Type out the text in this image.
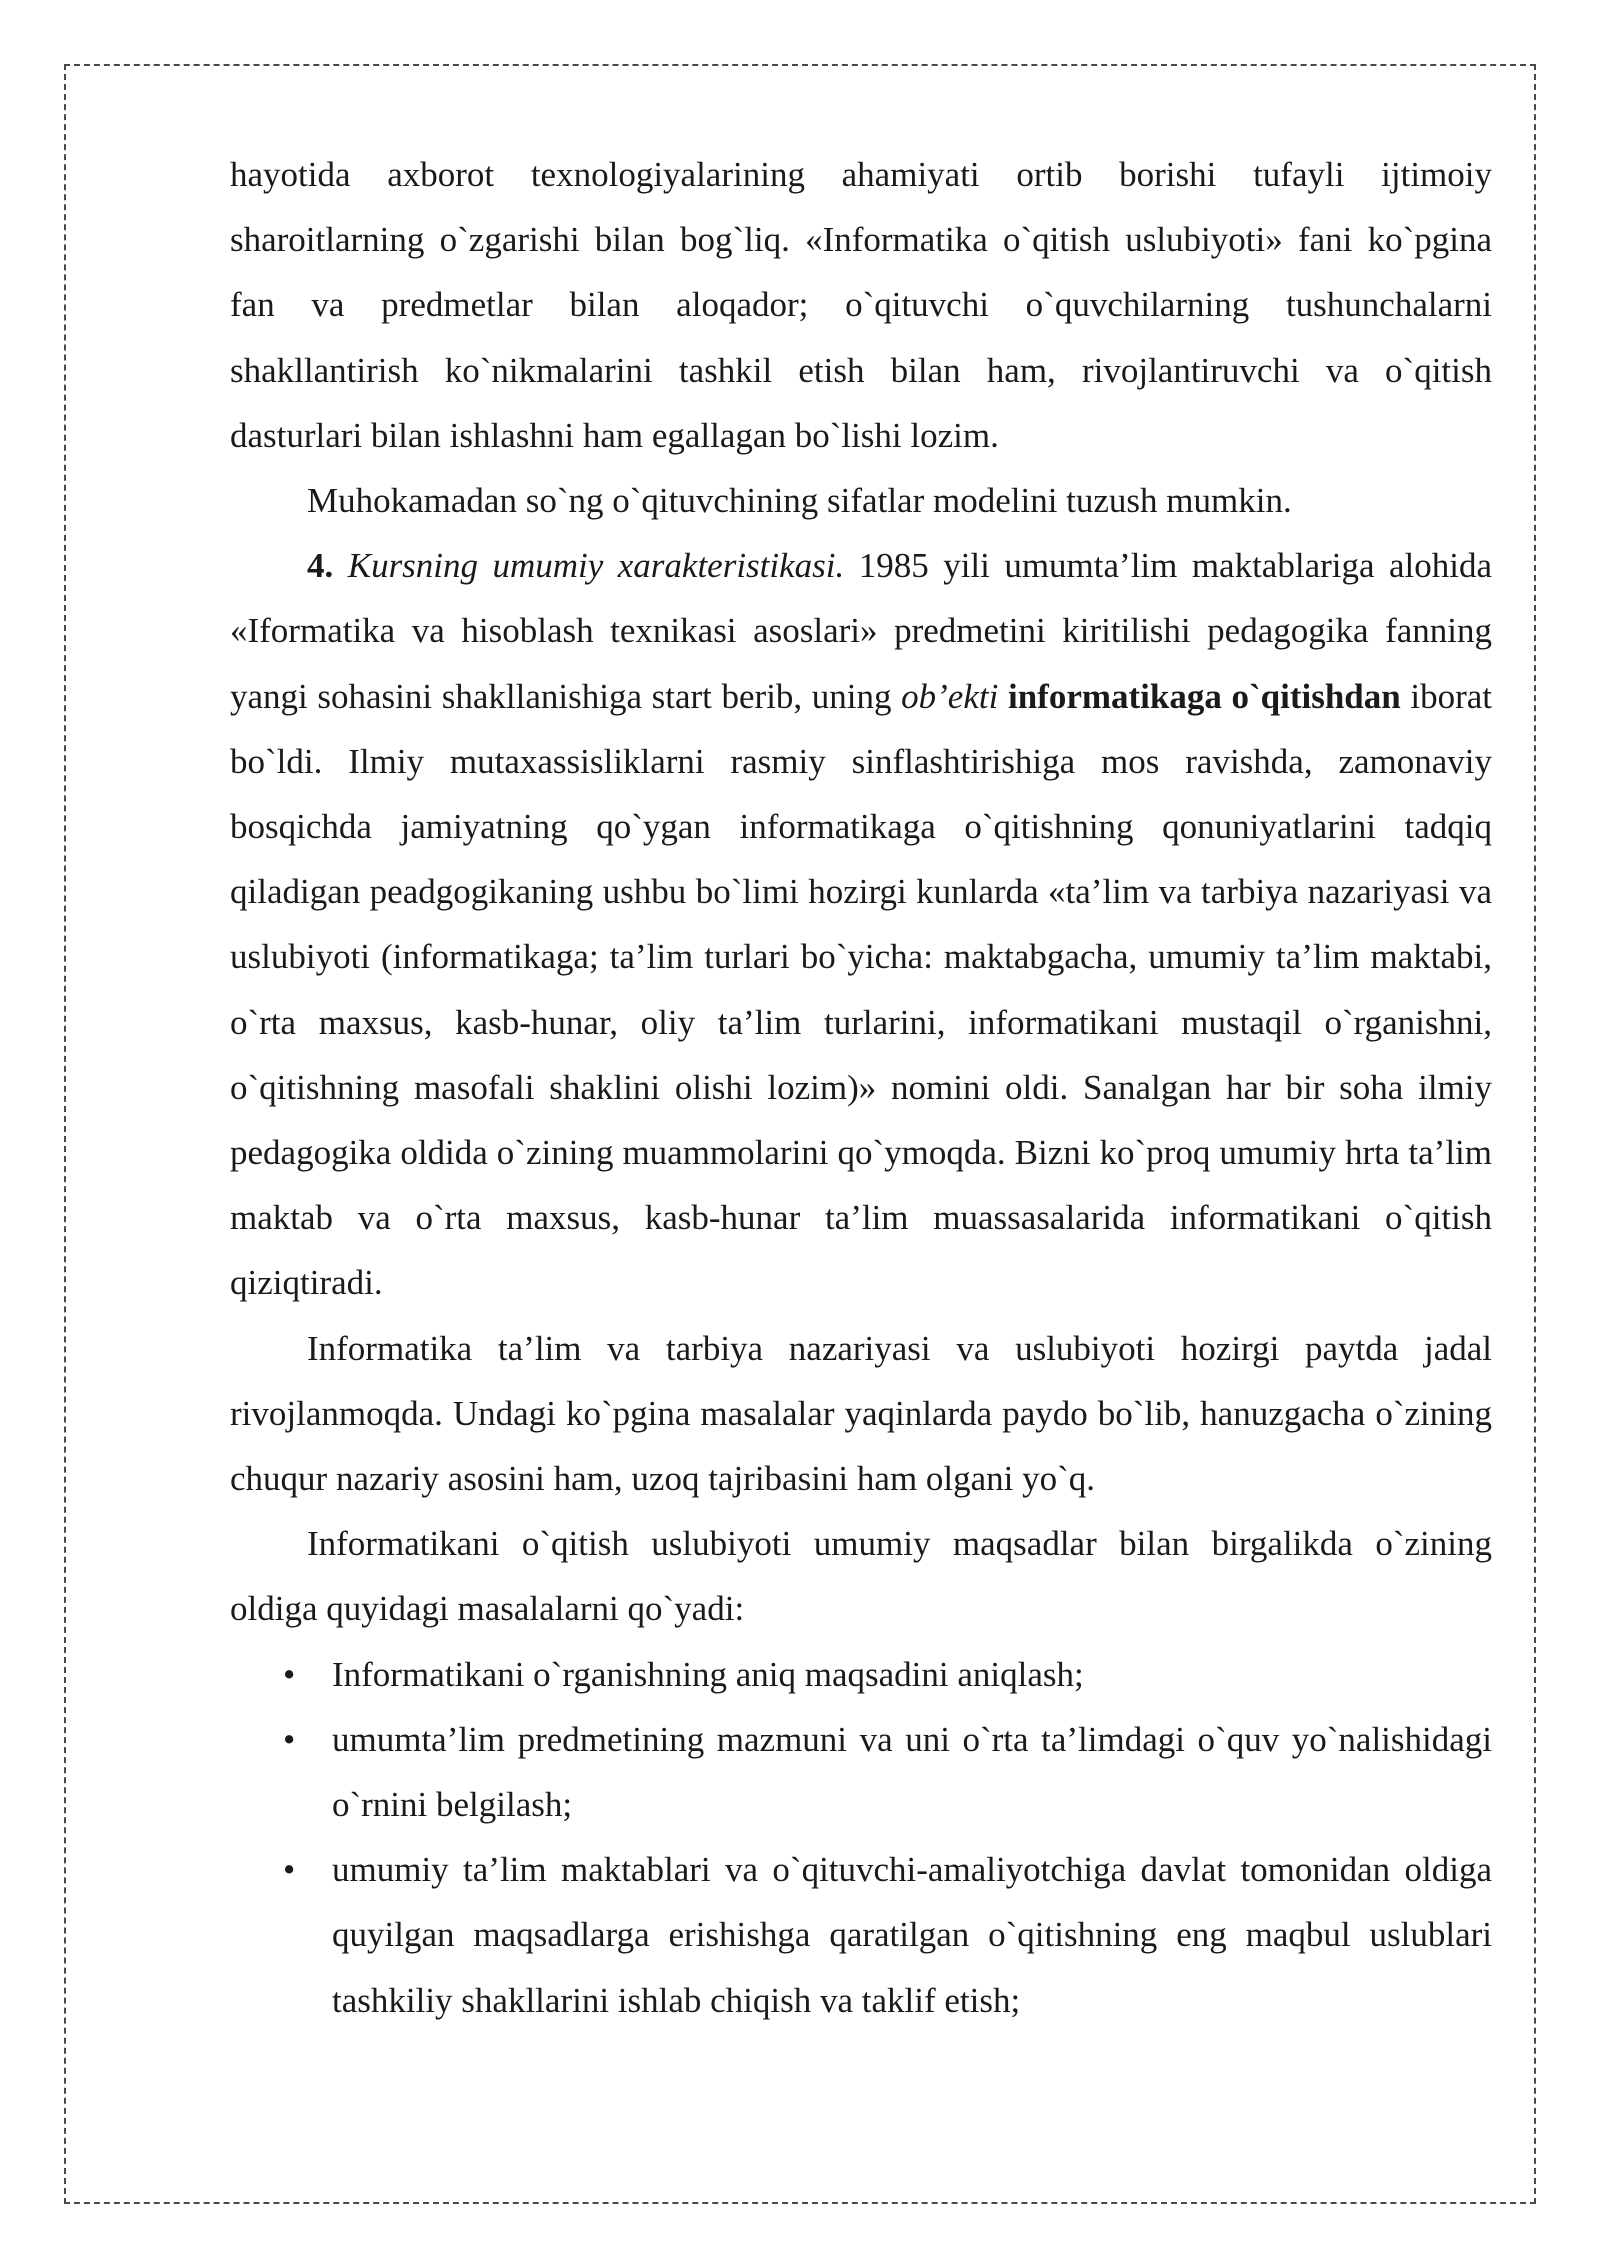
hayotida axborot texnologiyalarining ahamiyati ortib borishi tufayli ijtimoiy sharoitlarning o`zgarishi bilan bog`liq. «Informatika o`qitish uslubiyoti» fani ko`pgina fan va predmetlar bilan aloqador; o`qituvchi o`quvchilarning tushunchalarni shakllantirish ko`nikmalarini tashkil etish bilan ham, rivojlantiruvchi va o`qitish dasturlari bilan ishlashni ham egallagan bo`lishi lozim.

Muhokamadan so`ng o`qituvchining sifatlar modelini tuzush mumkin.

4. Kursning umumiy xarakteristikasi. 1985 yili umumta’lim maktablariga alohida «Iformatika va hisoblash texnikasi asoslari» predmetini kiritilishi pedagogika fanning yangi sohasini shakllanishiga start berib, uning ob’ekti informatikaga o`qitishdan iborat bo`ldi. Ilmiy mutaxassisliklarni rasmiy sinflashtirishiga mos ravishda, zamonaviy bosqichda jamiyatning qo`ygan informatikaga o`qitishning qonuniyatlarini tadqiq qiladigan peadgogikaning ushbu bo`limi hozirgi kunlarda «ta’lim va tarbiya nazariyasi va uslubiyoti (informatikaga; ta’lim turlari bo`yicha: maktabgacha, umumiy ta’lim maktabi, o`rta maxsus, kasb-hunar, oliy ta’lim turlarini, informatikani mustaqil o`rganishni, o`qitishning masofali shaklini olishi lozim)» nomini oldi. Sanalgan har bir soha ilmiy pedagogika oldida o`zining muammolarini qo`ymoqda. Bizni ko`proq umumiy hrta ta’lim maktab va o`rta maxsus, kasb-hunar ta’lim muassasalarida informatikani o`qitish qiziqtiradi.

Informatika ta’lim va tarbiya nazariyasi va uslubiyoti hozirgi paytda jadal rivojlanmoqda. Undagi ko`pgina masalalar yaqinlarda paydo bo`lib, hanuzgacha o`zining chuqur nazariy asosini ham, uzoq tajribasini ham olgani yo`q.

Informatikani o`qitish uslubiyoti umumiy maqsadlar bilan birgalikda o`zining oldiga quyidagi masalalarni qo`yadi:

• Informatikani o`rganishning aniq maqsadini aniqlash;
• umumta’lim predmetining mazmuni va uni o`rta ta’limdagi o`quv yo`nalishidagi o`rnini belgilash;
• umumiy ta’lim maktablari va o`qituvchi-amaliyotchiga davlat tomonidan oldiga quyilgan maqsadlarga erishishga qaratilgan o`qitishning eng maqbul uslublari tashkiliy shakllarini ishlab chiqish va taklif etish;
